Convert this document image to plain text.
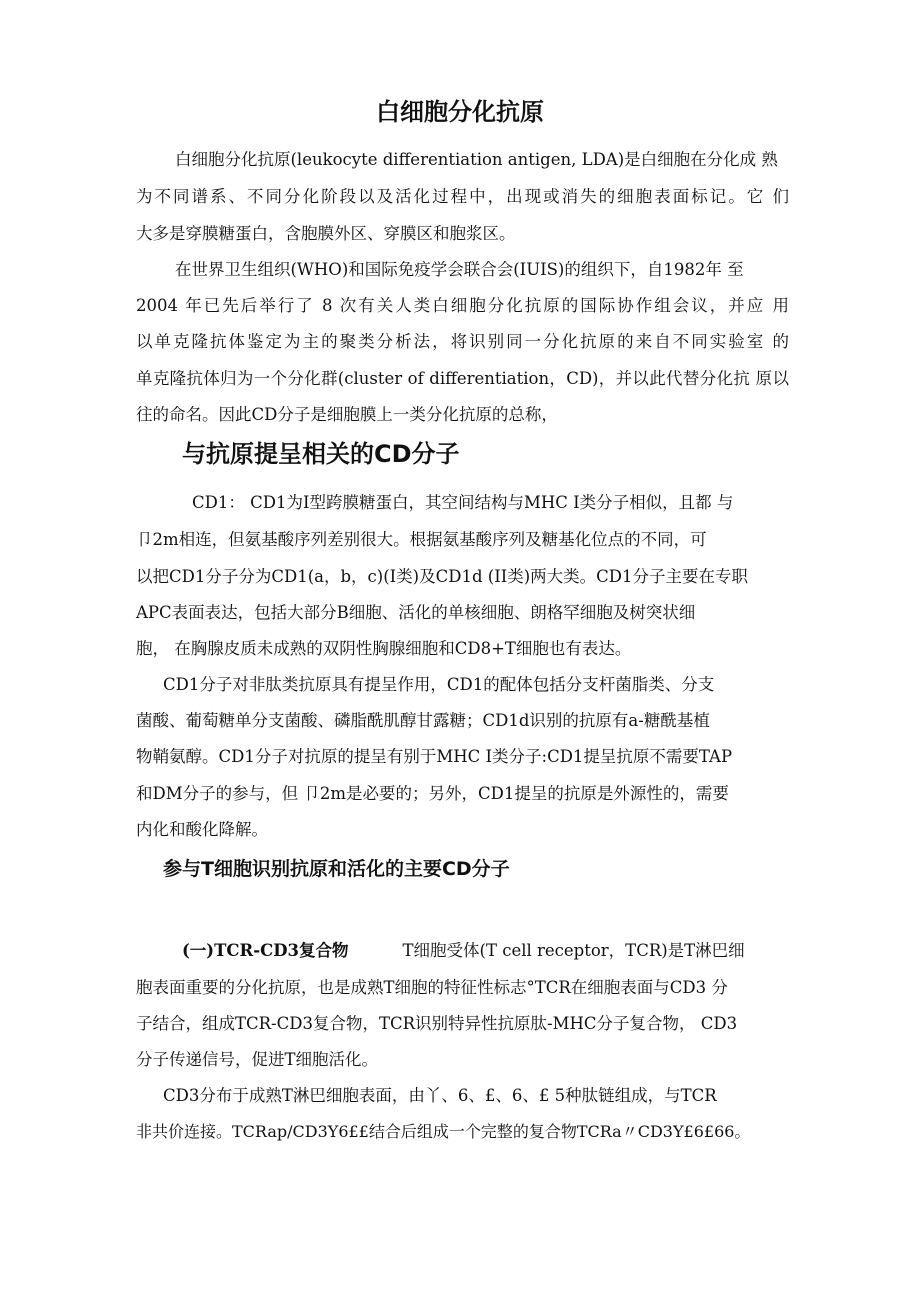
白细胞分化抗原
白细胞分化抗原(leukocyte differentiation antigen, LDA)是白细胞在分化成 熟
为不同谱系、不同分化阶段以及活化过程中，出现或消失的细胞表面标记。它 们
大多是穿膜糖蛋白，含胞膜外区、穿膜区和胞浆区。
在世界卫生组织(WHO)和国际免疫学会联合会(IUIS)的组织下，自1982年 至
2004 年已先后举行了 8 次有关人类白细胞分化抗原的国际协作组会议，并应 用
以单克隆抗体鉴定为主的聚类分析法，将识别同一分化抗原的来自不同实验室 的
单克隆抗体归为一个分化群(cluster of differentiation，CD)，并以此代替分化抗 原以
往的命名。因此CD分子是细胞膜上一类分化抗原的总称，
与抗原提呈相关的CD分子
CD1： CD1为I型跨膜糖蛋白，其空间结构与MHC I类分子相似，且都 与
卩2m相连，但氨基酸序列差别很大。根据氨基酸序列及糖基化位点的不同，可
以把CD1分子分为CD1(a，b，c)(I类)及CD1d (II类)两大类。CD1分子主要在专职
APC表面表达，包括大部分B细胞、活化的单核细胞、朗格罕细胞及树突状细
胞， 在胸腺皮质未成熟的双阴性胸腺细胞和CD8+T细胞也有表达。
CD1分子对非肽类抗原具有提呈作用，CD1的配体包括分支杆菌脂类、分支
菌酸、葡萄糖单分支菌酸、磷脂酰肌醇甘露糖；CD1d识别的抗原有a-糖酰基植
物鞘氨醇。CD1分子对抗原的提呈有别于MHC I类分子:CD1提呈抗原不需要TAP
和DM分子的参与，但 卩2m是必要的；另外，CD1提呈的抗原是外源性的，需要
内化和酸化降解。
参与T细胞识别抗原和活化的主要CD分子
(一)TCR-CD3复合物	T细胞受体(T cell receptor，TCR)是T淋巴细
胞表面重要的分化抗原，也是成熟T细胞的特征性标志°TCR在细胞表面与CD3 分
子结合，组成TCR-CD3复合物，TCR识别特异性抗原肽-MHC分子复合物， CD3
分子传递信号，促进T细胞活化。
CD3分布于成熟T淋巴细胞表面，由丫、6、£、6、£ 5种肽链组成，与TCR
非共价连接。TCRap/CD3Y6££结合后组成一个完整的复合物TCRa〃CD3Y£6£66。
